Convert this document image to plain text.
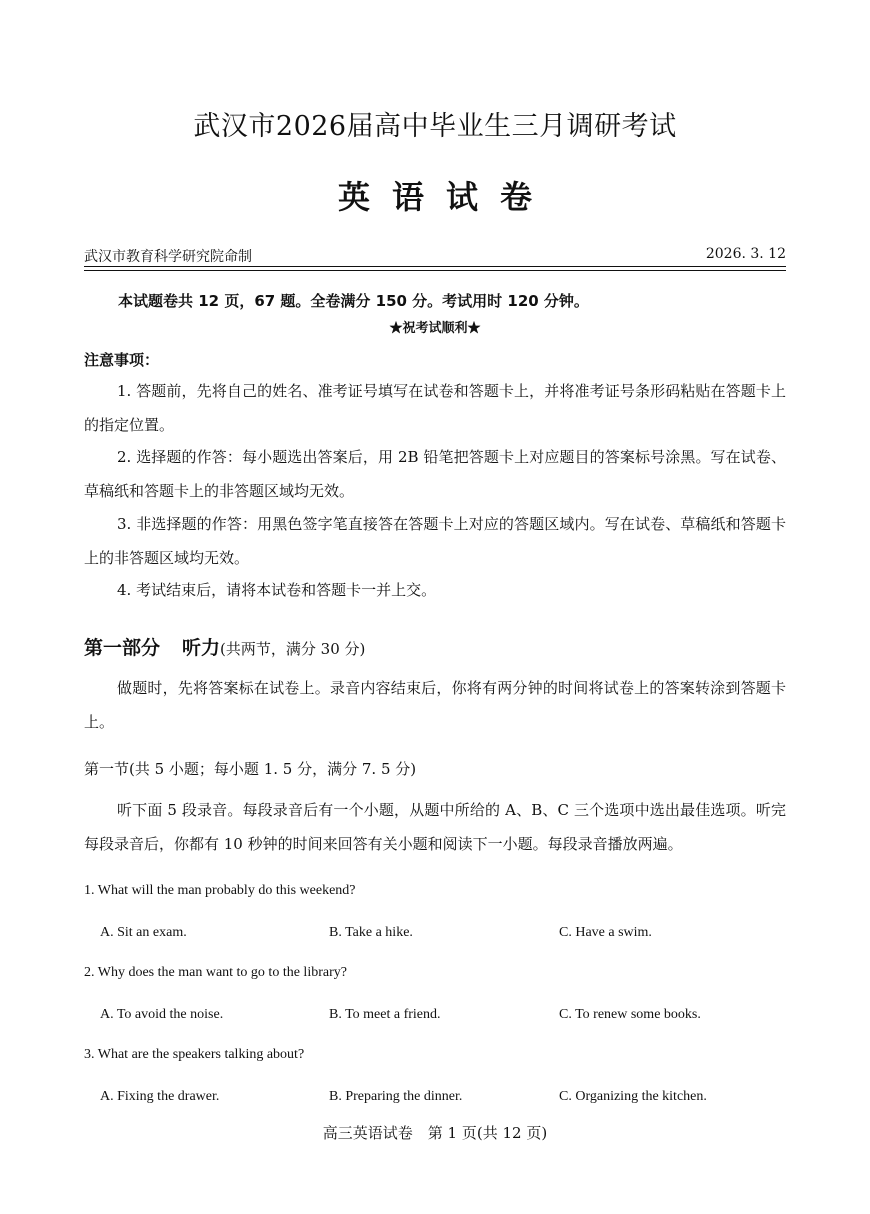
武汉市2026届高中毕业生三月调研考试
英语试卷
武汉市教育科学研究院命制	2026. 3. 12
本试题卷共 12 页，67 题。全卷满分 150 分。考试用时 120 分钟。
★祝考试顺利★
注意事项：
1. 答题前，先将自己的姓名、准考证号填写在试卷和答题卡上，并将准考证号条形码粘贴在答题卡上的指定位置。
2. 选择题的作答：每小题选出答案后，用 2B 铅笔把答题卡上对应题目的答案标号涂黑。写在试卷、草稿纸和答题卡上的非答题区域均无效。
3. 非选择题的作答：用黑色签字笔直接答在答题卡上对应的答题区域内。写在试卷、草稿纸和答题卡上的非答题区域均无效。
4. 考试结束后，请将本试卷和答题卡一并上交。
第一部分 听力(共两节，满分 30 分)
做题时，先将答案标在试卷上。录音内容结束后，你将有两分钟的时间将试卷上的答案转涂到答题卡上。
第一节(共 5 小题；每小题 1. 5 分，满分 7. 5 分)
听下面 5 段录音。每段录音后有一个小题，从题中所给的 A、B、C 三个选项中选出最佳选项。听完每段录音后，你都有 10 秒钟的时间来回答有关小题和阅读下一小题。每段录音播放两遍。
1. What will the man probably do this weekend?
A. Sit an exam.	B. Take a hike.	C. Have a swim.
2. Why does the man want to go to the library?
A. To avoid the noise.	B. To meet a friend.	C. To renew some books.
3. What are the speakers talking about?
A. Fixing the drawer.	B. Preparing the dinner.	C. Organizing the kitchen.
高三英语试卷　第 1 页(共 12 页)
